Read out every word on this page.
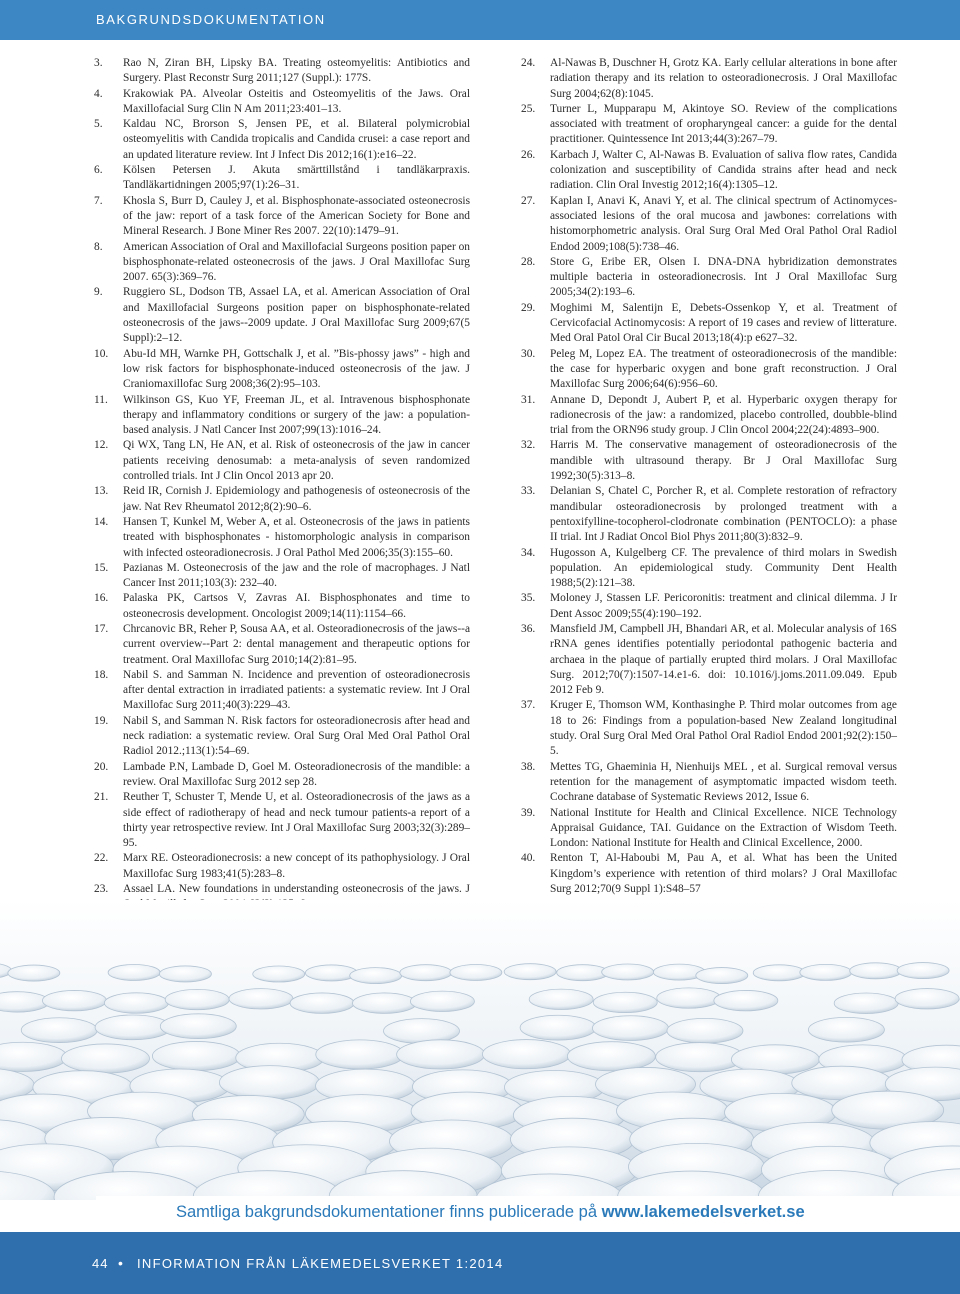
BAKGRUNDSDOKUMENTATION
3. Rao N, Ziran BH, Lipsky BA. Treating osteomyelitis: Antibiotics and Surgery. Plast Reconstr Surg 2011;127 (Suppl.): 177S.
4. Krakowiak PA. Alveolar Osteitis and Osteomyelitis of the Jaws. Oral Maxillofacial Surg Clin N Am 2011;23:401–13.
5. Kaldau NC, Brorson S, Jensen PE, et al. Bilateral polymicrobial osteomyelitis with Candida tropicalis and Candida crusei: a case report and an updated literature review. Int J Infect Dis 2012;16(1):e16–22.
6. Kölsen Petersen J. Akuta smärttillstånd i tandläkarpraxis. Tandläkartidningen 2005;97(1):26–31.
7. Khosla S, Burr D, Cauley J, et al. Bisphosphonate-associated osteonecrosis of the jaw: report of a task force of the American Society for Bone and Mineral Research. J Bone Miner Res 2007. 22(10):1479–91.
8. American Association of Oral and Maxillofacial Surgeons position paper on bisphosphonate-related osteonecrosis of the jaws. J Oral Maxillofac Surg 2007. 65(3):369–76.
9. Ruggiero SL, Dodson TB, Assael LA, et al. American Association of Oral and Maxillofacial Surgeons position paper on bisphosphonate-related osteonecrosis of the jaws--2009 update. J Oral Maxillofac Surg 2009;67(5 Suppl):2–12.
10. Abu-Id MH, Warnke PH, Gottschalk J, et al. ”Bis-phossy jaws” - high and low risk factors for bisphosphonate-induced osteonecrosis of the jaw. J Craniomaxillofac Surg 2008;36(2):95–103.
11. Wilkinson GS, Kuo YF, Freeman JL, et al. Intravenous bisphosphonate therapy and inflammatory conditions or surgery of the jaw: a population-based analysis. J Natl Cancer Inst 2007;99(13):1016–24.
12. Qi WX, Tang LN, He AN, et al. Risk of osteonecrosis of the jaw in cancer patients receiving denosumab: a meta-analysis of seven randomized controlled trials. Int J Clin Oncol 2013 apr 20.
13. Reid IR, Cornish J. Epidemiology and pathogenesis of osteonecrosis of the jaw. Nat Rev Rheumatol 2012;8(2):90–6.
14. Hansen T, Kunkel M, Weber A, et al. Osteonecrosis of the jaws in patients treated with bisphosphonates - histomorphologic analysis in comparison with infected osteoradionecrosis. J Oral Pathol Med 2006;35(3):155–60.
15. Pazianas M. Osteonecrosis of the jaw and the role of macrophages. J Natl Cancer Inst 2011;103(3): 232–40.
16. Palaska PK, Cartsos V, Zavras AI. Bisphosphonates and time to osteonecrosis development. Oncologist 2009;14(11):1154–66.
17. Chrcanovic BR, Reher P, Sousa AA, et al. Osteoradionecrosis of the jaws--a current overview--Part 2: dental management and therapeutic options for treatment. Oral Maxillofac Surg 2010;14(2):81–95.
18. Nabil S. and Samman N. Incidence and prevention of osteoradionecrosis after dental extraction in irradiated patients: a systematic review. Int J Oral Maxillofac Surg 2011;40(3):229–43.
19. Nabil S, and Samman N. Risk factors for osteoradionecrosis after head and neck radiation: a systematic review. Oral Surg Oral Med Oral Pathol Oral Radiol 2012.;113(1):54–69.
20. Lambade P.N, Lambade D, Goel M. Osteoradionecrosis of the mandible: a review. Oral Maxillofac Surg 2012 sep 28.
21. Reuther T, Schuster T, Mende U, et al. Osteoradionecrosis of the jaws as a side effect of radiotherapy of head and neck tumour patients-a report of a thirty year retrospective review. Int J Oral Maxillofac Surg 2003;32(3):289–95.
22. Marx RE. Osteoradionecrosis: a new concept of its pathophysiology. J Oral Maxillofac Surg 1983;41(5):283–8.
23. Assael LA. New foundations in understanding osteonecrosis of the jaws. J
24. Al-Nawas B, Duschner H, Grotz KA. Early cellular alterations in bone after radiation therapy and its relation to osteoradionecrosis. J Oral Maxillofac Surg 2004;62(8):1045.
25. Turner L, Mupparapu M, Akintoye SO. Review of the complications associated with treatment of oropharyngeal cancer: a guide for the dental practitioner. Quintessence Int 2013;44(3):267–79.
26. Karbach J, Walter C, Al-Nawas B. Evaluation of saliva flow rates, Candida colonization and susceptibility of Candida strains after head and neck radiation. Clin Oral Investig 2012;16(4):1305–12.
27. Kaplan I, Anavi K, Anavi Y, et al. The clinical spectrum of Actinomyces-associated lesions of the oral mucosa and jawbones: correlations with histomorphometric analysis. Oral Surg Oral Med Oral Pathol Oral Radiol Endod 2009;108(5):738–46.
28. Store G, Eribe ER, Olsen I. DNA-DNA hybridization demonstrates multiple bacteria in osteoradionecrosis. Int J Oral Maxillofac Surg 2005;34(2):193–6.
29. Moghimi M, Salentijn E, Debets-Ossenkop Y, et al. Treatment of Cervicofacial Actinomycosis: A report of 19 cases and review of litterature. Med Oral Patol Oral Cir Bucal 2013;18(4):p e627–32.
30. Peleg M, Lopez EA. The treatment of osteoradionecrosis of the mandible: the case for hyperbaric oxygen and bone graft reconstruction. J Oral Maxillofac Surg 2006;64(6):956–60.
31. Annane D, Depondt J, Aubert P, et al. Hyperbaric oxygen therapy for radionecrosis of the jaw: a randomized, placebo controlled, doubble-blind trial from the ORN96 study group. J Clin Oncol 2004;22(24):4893–900.
32. Harris M. The conservative management of osteoradionecrosis of the mandible with ultrasound therapy. Br J Oral Maxillofac Surg 1992;30(5):313–8.
33. Delanian S, Chatel C, Porcher R, et al. Complete restoration of refractory mandibular osteoradionecrosis by prolonged treatment with a pentoxifylline-tocopherol-clodronate combination (PENTOCLO): a phase II trial. Int J Radiat Oncol Biol Phys 2011;80(3):832–9.
34. Hugosson A, Kulgelberg CF. The prevalence of third molars in Swedish population. An epidemiological study. Community Dent Health 1988;5(2):121–38.
35. Moloney J, Stassen LF. Pericoronitis: treatment and clinical dilemma. J Ir Dent Assoc 2009;55(4):190–192.
36. Mansfield JM, Campbell JH, Bhandari AR, et al. Molecular analysis of 16S rRNA genes identifies potentially periodontal pathogenic bacteria and archaea in the plaque of partially erupted third molars. J Oral Maxillofac Surg. 2012;70(7):1507-14.e1-6. doi: 10.1016/j.joms.2011.09.049. Epub 2012 Feb 9.
37. Kruger E, Thomson WM, Konthasinghe P. Third molar outcomes from age 18 to 26: Findings from a population-based New Zealand longitudinal study. Oral Surg Oral Med Oral Pathol Oral Radiol Endod 2001;92(2):150–5.
38. Mettes TG, Ghaeminia H, Nienhuijs MEL , et al. Surgical removal versus retention for the management of asymptomatic impacted wisdom teeth. Cochrane database of Systematic Reviews 2012, Issue 6.
39. National Institute for Health and Clinical Excellence. NICE Technology Appraisal Guidance, TAI. Guidance on the Extraction of Wisdom Teeth. London: National Institute for Health and Clinical Excellence, 2000.
40. Renton T, Al-Haboubi M, Pau A, et al. What has been the United Kingdom’s experience with retention of third molars? J Oral Maxillofac Surg 2012;70(9 Suppl 1):S48–57
Samtliga bakgrundsdokumentationer finns publicerade på www.lakemedelsverket.se
44 • INFORMATION FRÅN LÄKEMEDELSVERKET 1:2014
